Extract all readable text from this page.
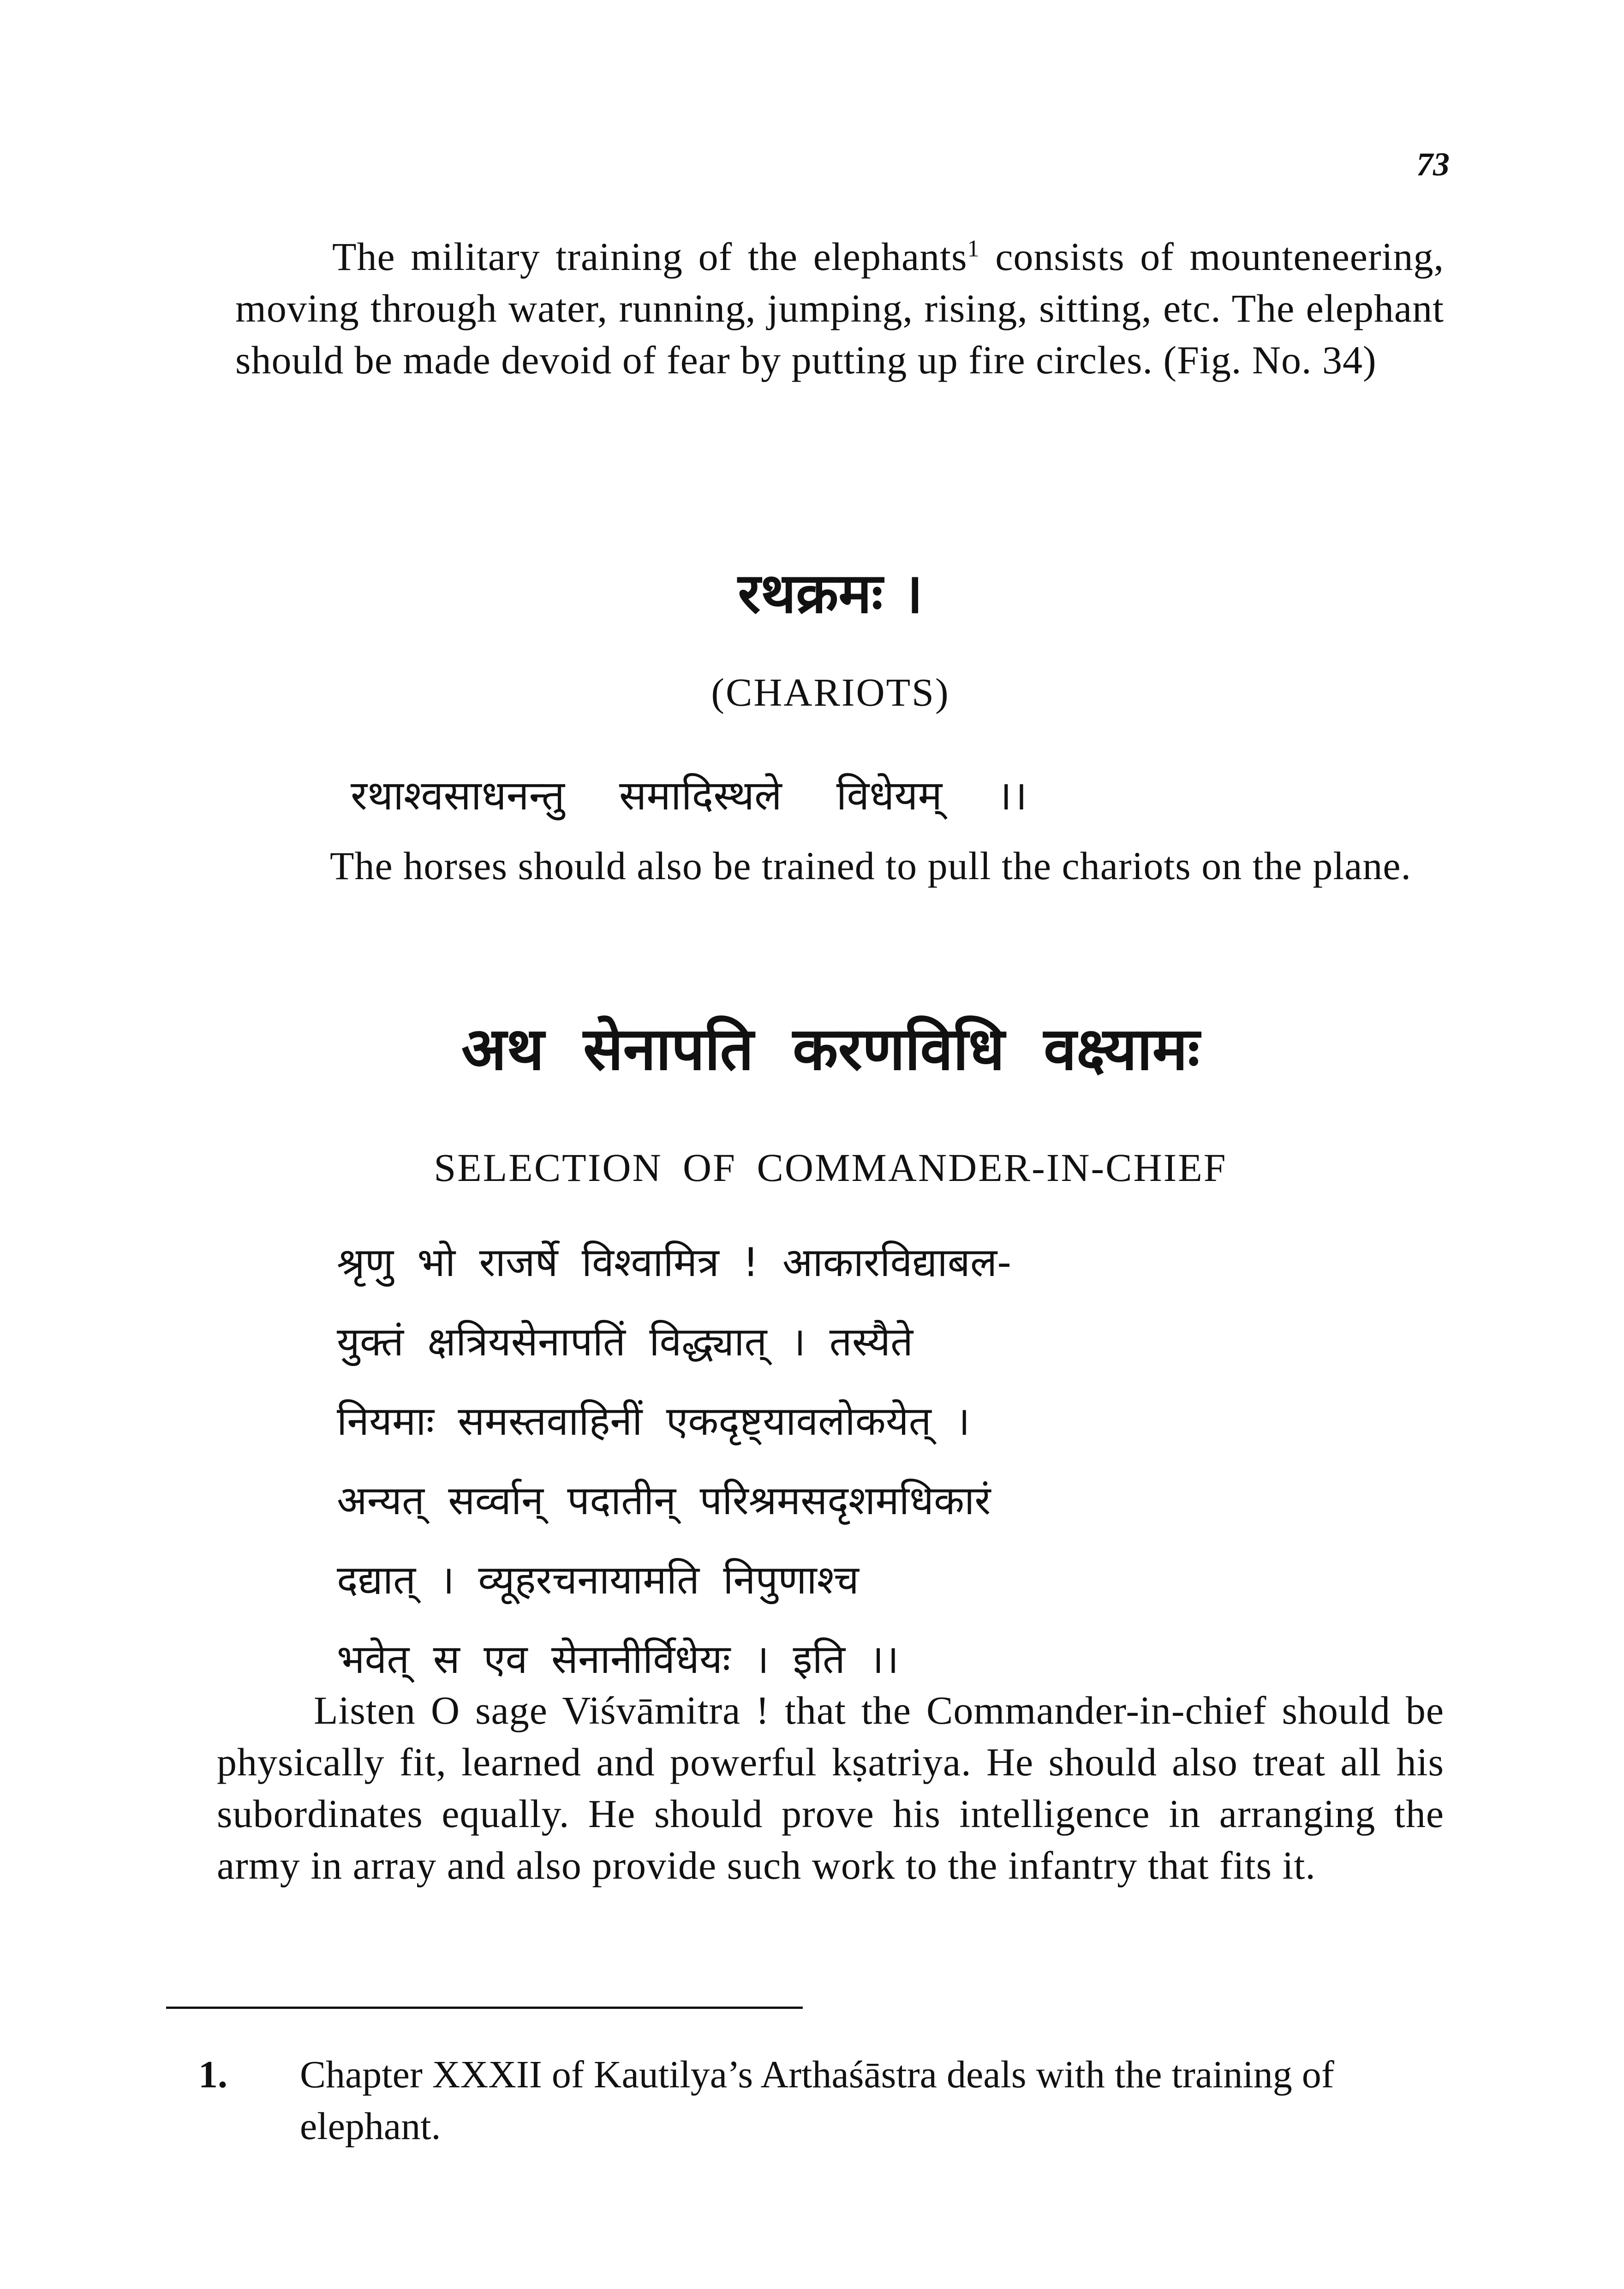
73

The military training of the elephants$^1$ consists of mounteneering, moving through water, running, jumping, rising, sitting, etc. The elephant should be made devoid of fear by putting up fire circles. (Fig. No. 34)

रथक्रमः ।
(CHARIOTS)

रथाश्वसाधनन्तु समादिस्थले विधेयम् ।।

The horses should also be trained to pull the chariots on the plane.

अथ सेनापति करणविधि वक्ष्यामः
SELECTION OF COMMANDER-IN-CHIEF
श्रृणु भो राजर्षे विश्वामित्र ! आकारविद्याबल-
युक्तं क्षत्रियसेनापतिं विद्ध्यात् । तस्यैते
नियमाः समस्तवाहिनीं एकदृष्ट्यावलोकयेत् ।
अन्यत् सर्व्वान् पदातीन् परिश्रमसदृशमधिकारं
दद्यात् । व्यूहरचनायामति निपुणाश्च
भवेत् स एव सेनानीर्विधेयः । इति ।।

Listen O sage Viśvāmitra ! that the Commander-in-chief should be physically fit, learned and powerful kṣatriya. He should also treat all his subordinates equally. He should prove his intelligence in arranging the army in array and also provide such work to the infantry that fits it.

1.	Chapter XXXII of Kautilya’s Arthaśāstra deals with the training of elephant.
